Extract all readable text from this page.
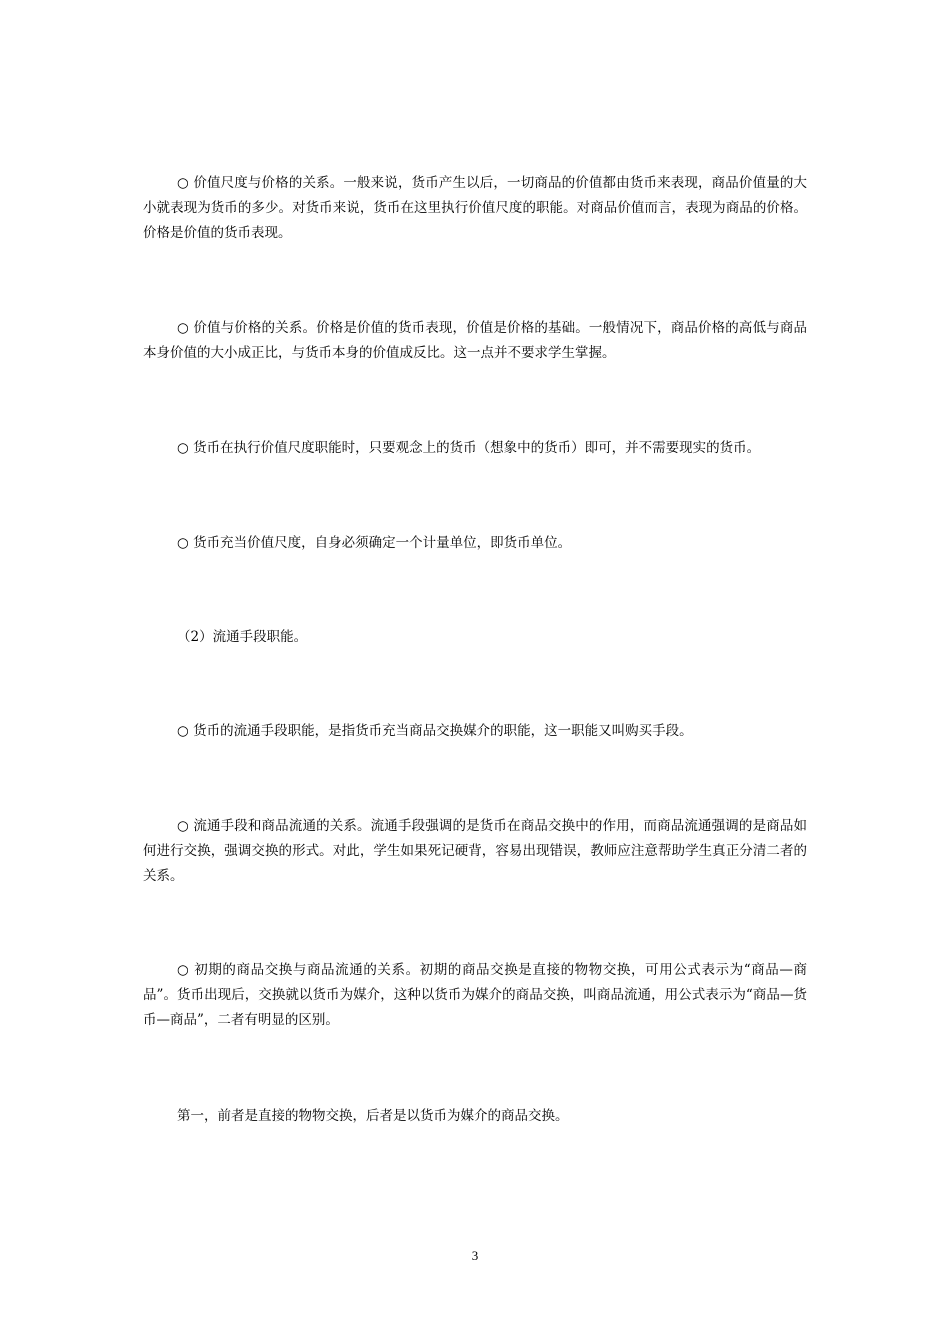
○ 价值尺度与价格的关系。一般来说，货币产生以后，一切商品的价值都由货币来表现，商品价值量的大小就表现为货币的多少。对货币来说，货币在这里执行价值尺度的职能。对商品价值而言，表现为商品的价格。价格是价值的货币表现。

○ 价值与价格的关系。价格是价值的货币表现，价值是价格的基础。一般情况下，商品价格的高低与商品本身价值的大小成正比，与货币本身的价值成反比。这一点并不要求学生掌握。

○ 货币在执行价值尺度职能时，只要观念上的货币（想象中的货币）即可，并不需要现实的货币。

○ 货币充当价值尺度，自身必须确定一个计量单位，即货币单位。

（2）流通手段职能。

○ 货币的流通手段职能，是指货币充当商品交换媒介的职能，这一职能又叫购买手段。

○ 流通手段和商品流通的关系。流通手段强调的是货币在商品交换中的作用，而商品流通强调的是商品如何进行交换，强调交换的形式。对此，学生如果死记硬背，容易出现错误，教师应注意帮助学生真正分清二者的关系。

○ 初期的商品交换与商品流通的关系。初期的商品交换是直接的物物交换，可用公式表示为“商品—商品”。货币出现后，交换就以货币为媒介，这种以货币为媒介的商品交换，叫商品流通，用公式表示为“商品—货币—商品”，二者有明显的区别。

第一，前者是直接的物物交换，后者是以货币为媒介的商品交换。

3
